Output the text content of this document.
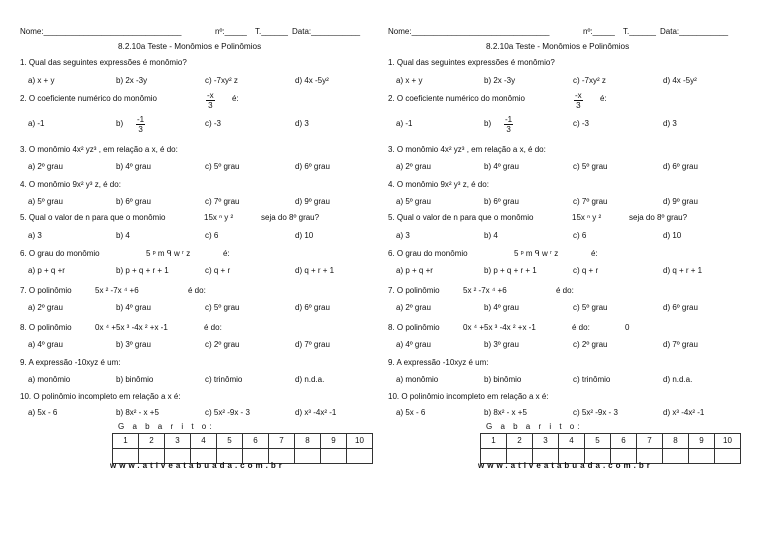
Nome:_______________________________	nº:_____ T.______ Data:___________
8.2.10a Teste - Monômios e Polinômios
1. Qual das seguintes expressões é monômio?
a) x + y	b) 2x -3y	c) -7xy² z	d) 4x -5y²
2. O coeficiente numérico do monômio	$\frac{-x}{3}$ é:
a) -1	$b) \frac{-1}{3}$	c) -3	d) 3
3. O monômio 4x² yz³ , em relação a x, é do:
a) 2º grau	b) 4º grau	c) 5º grau	d) 6º grau
4. O monômio 9x² y³ z, é do:
a) 5º grau	b) 6º grau	c) 7º grau	d) 9º grau
5. Qual o valor de n para que o monômio	15x ⁿ y ²	seja do 8º grau?
a) 3	b) 4	c) 6	d) 10
6. O grau do monômio	5 ᵖ m ᑫ w ʳ z	é:
a) p + q +r	b) p + q + r + 1	c) q + r	d) q + r + 1
7. O polinômio	5x ² -7x ⁴ +6	é do:
a) 2º grau	b) 4º grau	c) 5º grau	d) 6º grau
8. O polinômio	0x ⁴ +5x ³ -4x ² +x -1	é do:
a) 4º grau	b) 3º grau	c) 2º grau	d) 7º grau
9. A expressão -10xyz é um:
a) monômio	b) binômio	c) trinômio	d) n.d.a.
10. O polinômio incompleto em relação a x é:
a) 5x - 6	b) 8x² - x +5	c) 5x² -9x - 3	d) x³ -4x² -1
G a b a r i t o:
1	2	3	4	5	6	7	8	9	10

www.ativeatabuada.com.br
Nome:_______________________________	nº:_____ T.______ Data:___________
8.2.10a Teste - Monômios e Polinômios
1. Qual das seguintes expressões é monômio?
a) x + y	b) 2x -3y	c) -7xy² z	d) 4x -5y²
2. O coeficiente numérico do monômio	$\frac{-x}{3}$ é:
a) -1	$b) \frac{-1}{3}$	c) -3	d) 3
3. O monômio 4x² yz³ , em relação a x, é do:
a) 2º grau	b) 4º grau	c) 5º grau	d) 6º grau
4. O monômio 9x² y³ z, é do:
a) 5º grau	b) 6º grau	c) 7º grau	d) 9º grau
5. Qual o valor de n para que o monômio	15x ⁿ y ²	seja do 8º grau?
a) 3	b) 4	c) 6	d) 10
6. O grau do monômio	5 ᵖ m ᑫ w ʳ z	é:
a) p + q +r	b) p + q + r + 1	c) q + r	d) q + r + 1
7. O polinômio	5x ² -7x ⁴ +6	é do:
a) 2º grau	b) 4º grau	c) 5º grau	d) 6º grau
8. O polinômio	0x ⁴ +5x ³ -4x ² +x -1	é do:
a) 4º grau	b) 3º grau	c) 2º grau	d) 7º grau
9. A expressão -10xyz é um:
a) monômio	b) binômio	c) trinômio	d) n.d.a.
10. O polinômio incompleto em relação a x é:
a) 5x - 6	b) 8x² - x +5	c) 5x² -9x - 3	d) x³ -4x² -1
G a b a r i t o:
1	2	3	4	5	6	7	8	9	10

www.ativeatabuada.com.br
0
